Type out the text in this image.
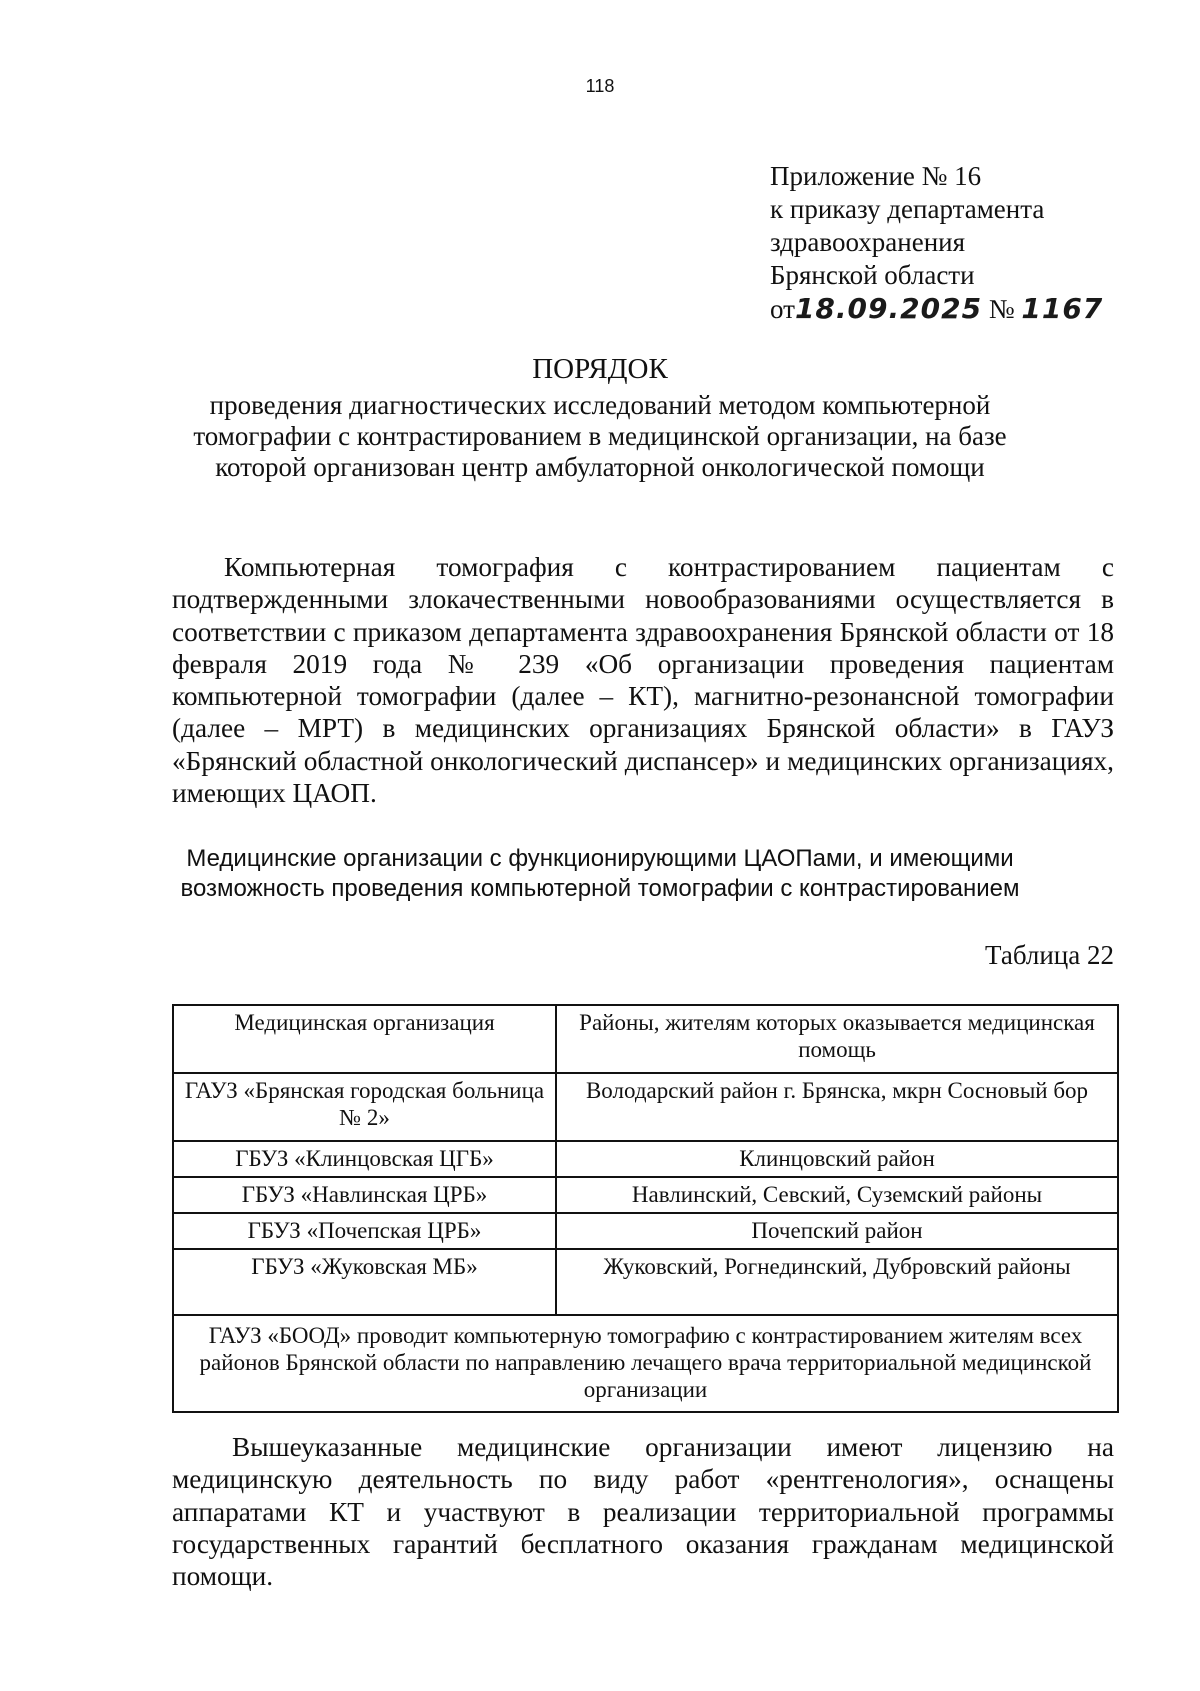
118
Приложение № 16
к приказу департамента
здравоохранения
Брянской области
от18.09.2025 № 1167
ПОРЯДОК
проведения диагностических исследований методом компьютерной томографии с контрастированием в медицинской организации, на базе которой организован центр амбулаторной онкологической помощи

Компьютерная томография с контрастированием пациентам с подтвержденными злокачественными новообразованиями осуществляется в соответствии с приказом департамента здравоохранения Брянской области от 18 февраля 2019 года № 239 «Об организации проведения пациентам компьютерной томографии (далее – КТ), магнитно-резонансной томографии (далее – МРТ) в медицинских организациях Брянской области» в ГАУЗ «Брянский областной онкологический диспансер» и медицинских организациях, имеющих ЦАОП.

Медицинские организации с функционирующими ЦАОПами, и имеющими возможность проведения компьютерной томографии с контрастированием
Таблица 22
Медицинская организация	Районы, жителям которых оказывается медицинская помощь
ГАУЗ «Брянская городская больница № 2»	Володарский район г. Брянска, мкрн Сосновый бор
ГБУЗ «Клинцовская ЦГБ»	Клинцовский район
ГБУЗ «Навлинская ЦРБ»	Навлинский, Севский, Суземский районы
ГБУЗ «Почепская ЦРБ»	Почепский район
ГБУЗ «Жуковская МБ»	Жуковский, Рогнединский, Дубровский районы
ГАУЗ «БООД» проводит компьютерную томографию с контрастированием жителям всех районов Брянской области по направлению лечащего врача территориальной медицинской организации	

Вышеуказанные медицинские организации имеют лицензию на медицинскую деятельность по виду работ «рентгенология», оснащены аппаратами КТ и участвуют в реализации территориальной программы государственных гарантий бесплатного оказания гражданам медицинской помощи.
